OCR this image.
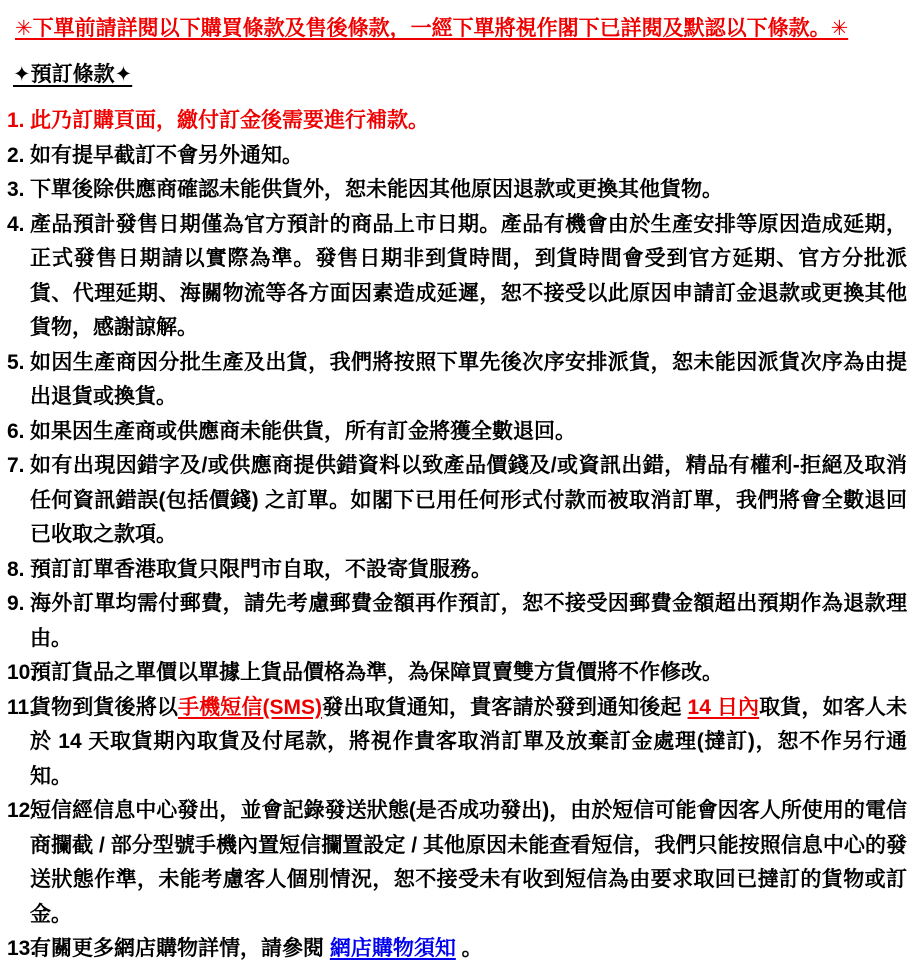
✳︎下單前請詳閱以下購買條款及售後條款，一經下單將視作閣下已詳閱及默認以下條款。✳︎
✦預訂條款✦
1. 此乃訂購頁面，繳付訂金後需要進行補款。
2. 如有提早截訂不會另外通知。
3. 下單後除供應商確認未能供貨外，恕未能因其他原因退款或更換其他貨物。
4. 產品預計發售日期僅為官方預計的商品上市日期。產品有機會由於生產安排等原因造成延期，正式發售日期請以實際為準。發售日期非到貨時間，到貨時間會受到官方延期、官方分批派貨、代理延期、海關物流等各方面因素造成延遲，恕不接受以此原因申請訂金退款或更換其他貨物，感謝諒解。
5. 如因生產商因分批生產及出貨，我們將按照下單先後次序安排派貨，恕未能因派貨次序為由提出退貨或換貨。
6. 如果因生產商或供應商未能供貨，所有訂金將獲全數退回。
7. 如有出現因錯字及/或供應商提供錯資料以致產品價錢及/或資訊出錯，精品有權利-拒絕及取消任何資訊錯誤(包括價錢) 之訂單。如閣下已用任何形式付款而被取消訂單，我們將會全數退回已收取之款項。
8. 預訂訂單香港取貨只限門市自取，不設寄貨服務。
9. 海外訂單均需付郵費，請先考慮郵費金額再作預訂，恕不接受因郵費金額超出預期作為退款理由。
10.
預訂貨品之單價以單據上貨品價格為準，為保障買賣雙方貨價將不作修改。
11.
貨物到貨後將以手機短信(SMS)發出取貨通知，貴客請於發到通知後起 14 日內取貨，如客人未於 14 天取貨期內取貨及付尾款，將視作貴客取消訂單及放棄訂金處理(撻訂)，恕不作另行通知。
12.
短信經信息中心發出，並會記錄發送狀態(是否成功發出)，由於短信可能會因客人所使用的電信商攔截 / 部分型號手機內置短信攔置設定 / 其他原因未能查看短信，我們只能按照信息中心的發送狀態作準，未能考慮客人個別情況，恕不接受未有收到短信為由要求取回已撻訂的貨物或訂金。
13.
有關更多網店購物詳情，請參閱 網店購物須知 。
